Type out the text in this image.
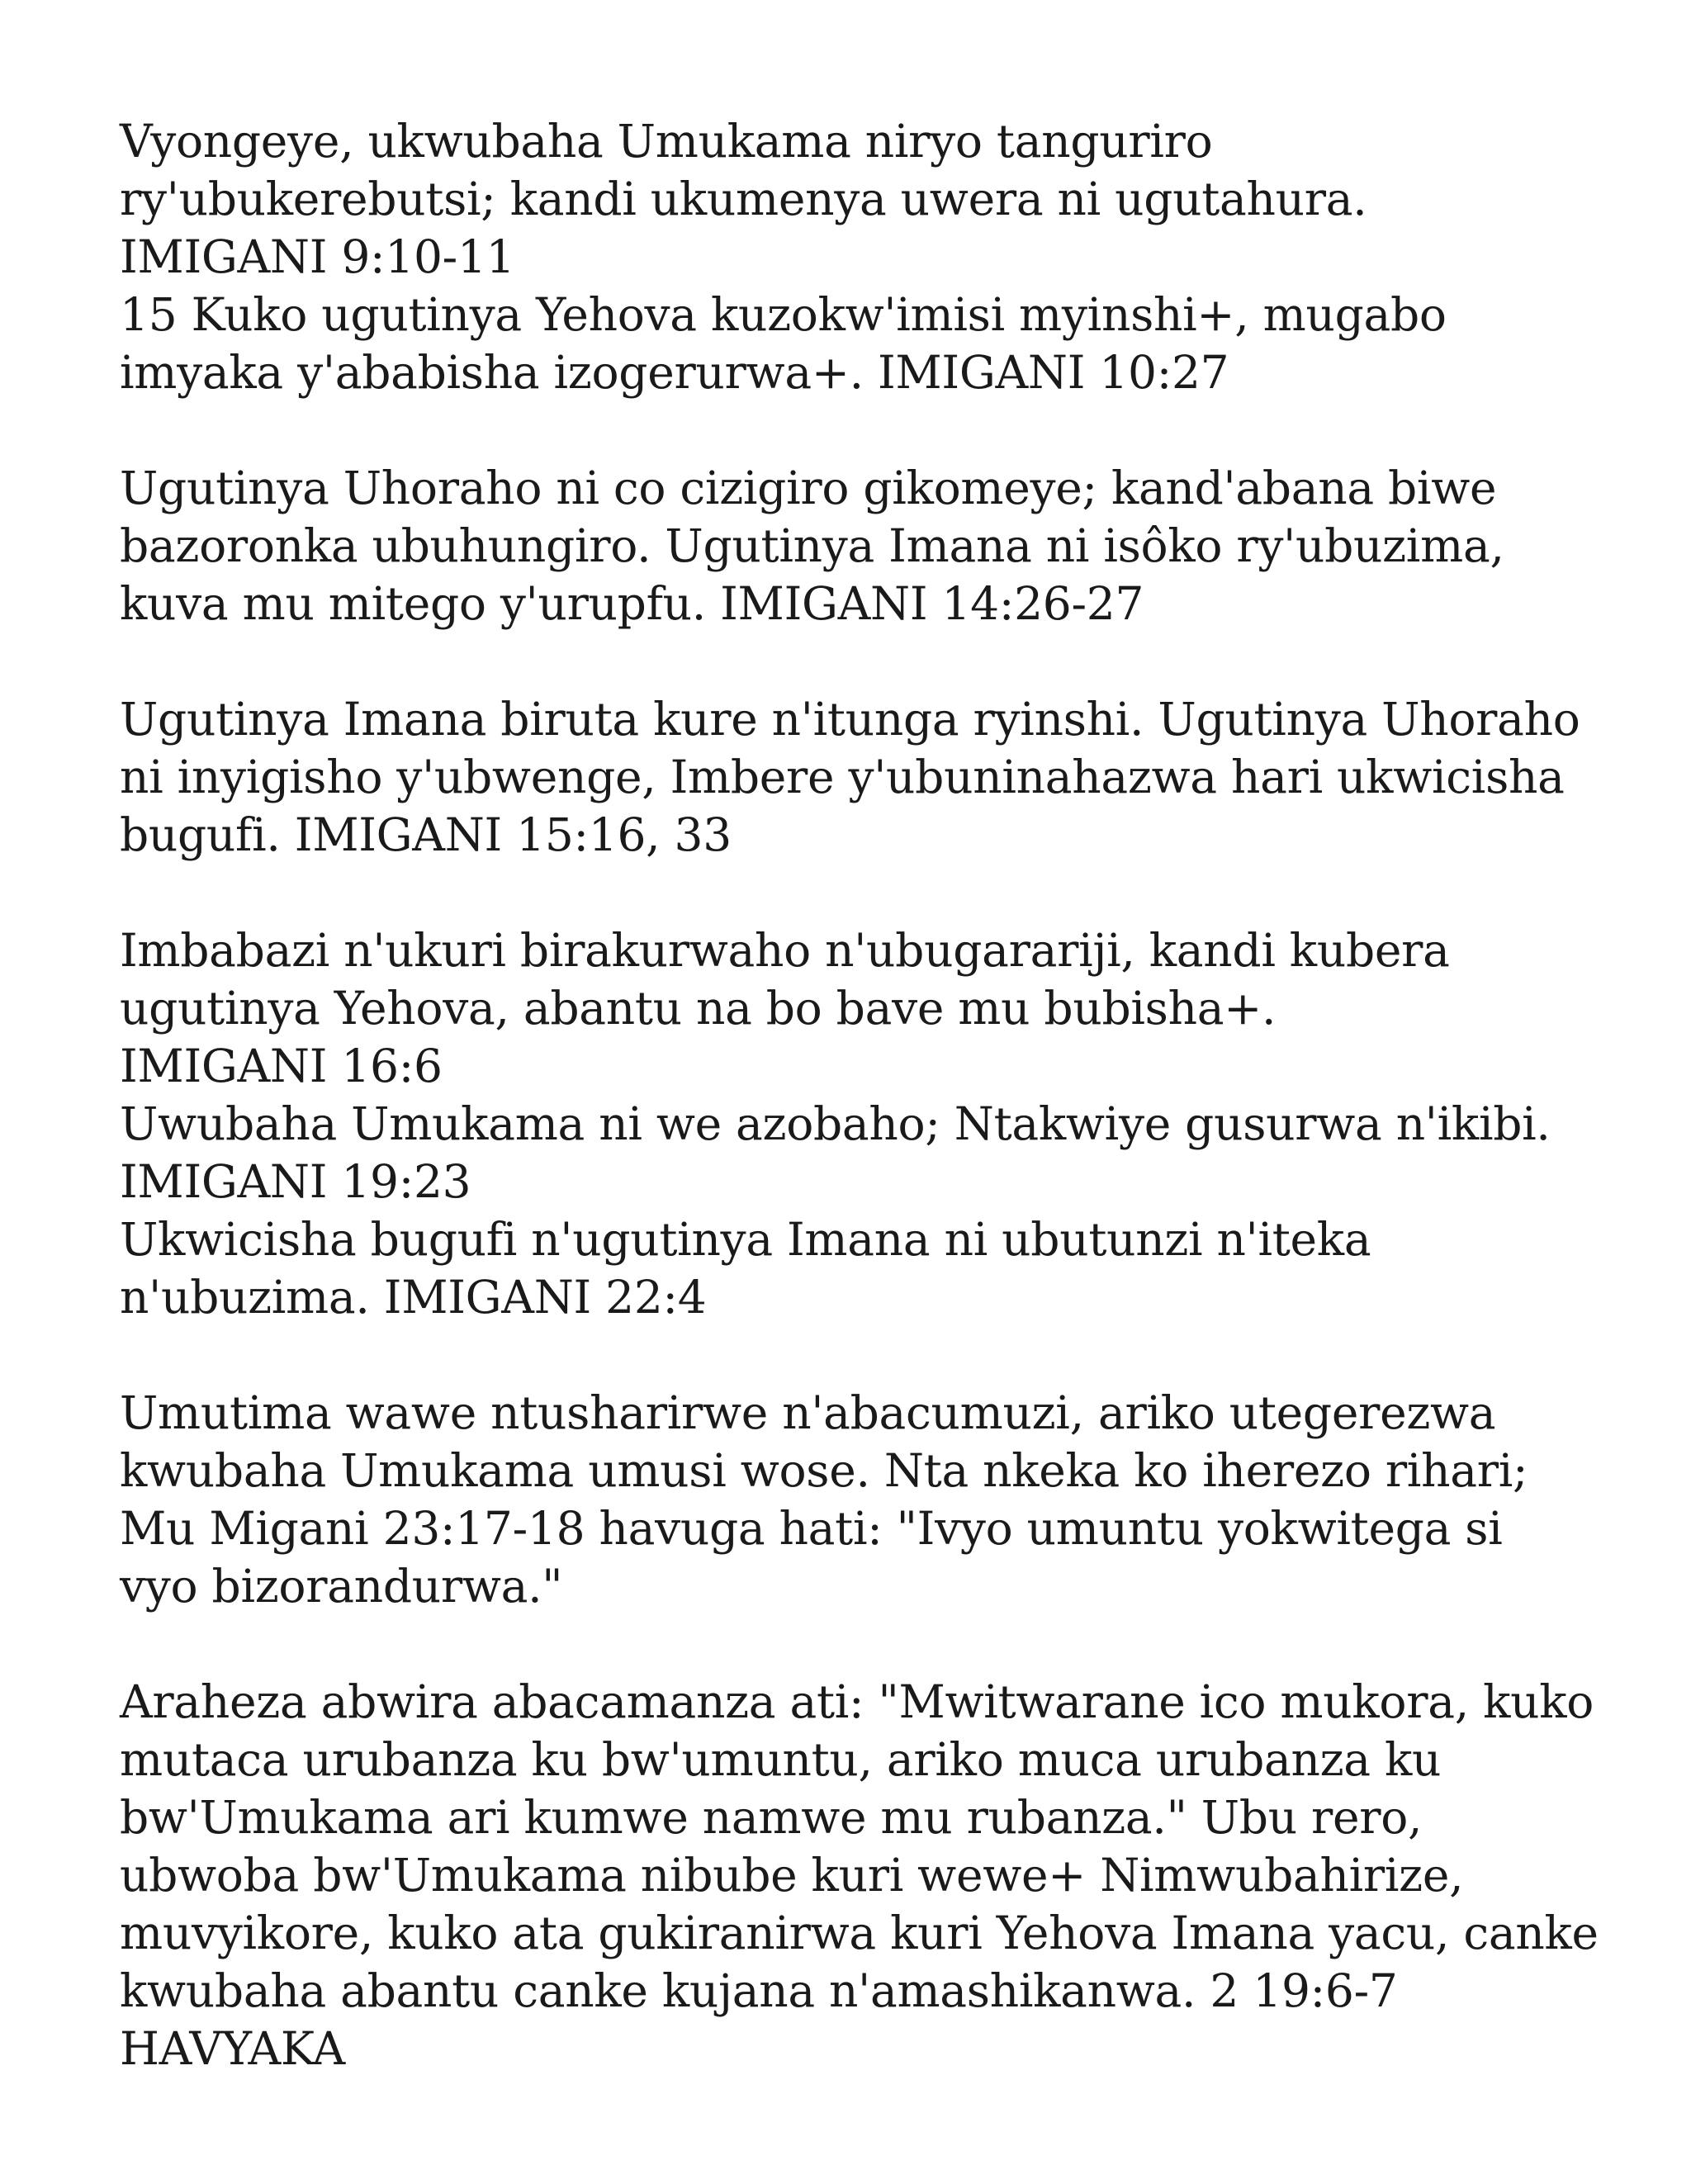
Vyongeye, ukwubaha Umukama niryo tanguriro
ry'ubukerebutsi; kandi ukumenya uwera ni ugutahura.
IMIGANI 9:10-11
15 Kuko ugutinya Yehova kuzokw'imisi myinshi+, mugabo
imyaka y'ababisha izogerurwa+. IMIGANI 10:27
Ugutinya Uhoraho ni co cizigiro gikomeye; kand'abana biwe
bazoronka ubuhungiro. Ugutinya Imana ni isôko ry'ubuzima,
kuva mu mitego y'urupfu. IMIGANI 14:26-27
Ugutinya Imana biruta kure n'itunga ryinshi. Ugutinya Uhoraho
ni inyigisho y'ubwenge, Imbere y'ubuninahazwa hari ukwicisha
bugufi. IMIGANI 15:16, 33
Imbabazi n'ukuri birakurwaho n'ubugarariji, kandi kubera
ugutinya Yehova, abantu na bo bave mu bubisha+.
IMIGANI 16:6
Uwubaha Umukama ni we azobaho; Ntakwiye gusurwa n'ikibi.
IMIGANI 19:23
Ukwicisha bugufi n'ugutinya Imana ni ubutunzi n'iteka
n'ubuzima. IMIGANI 22:4
Umutima wawe ntusharirwe n'abacumuzi, ariko utegerezwa
kwubaha Umukama umusi wose. Nta nkeka ko iherezo rihari;
Mu Migani 23:17-18 havuga hati: "Ivyo umuntu yokwitega si
vyo bizorandurwa."
Araheza abwira abacamanza ati: "Mwitwarane ico mukora, kuko
mutaca urubanza ku bw'umuntu, ariko muca urubanza ku
bw'Umukama ari kumwe namwe mu rubanza." Ubu rero,
ubwoba bw'Umukama nibube kuri wewe+ Nimwubahirize,
muvyikore, kuko ata gukiranirwa kuri Yehova Imana yacu, canke
kwubaha abantu canke kujana n'amashikanwa. 2 19:6-7
HAVYAKA
